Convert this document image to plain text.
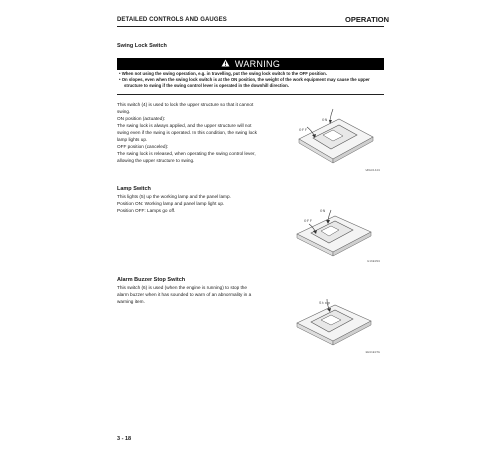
DETAILED CONTROLS AND GAUGES	OPERATION
Swing Lock Switch
WARNING
• When not using the swing operation, e.g. in travelling, put the swing lock switch to the OFF position.
• On slopes, even when the swing lock switch is at the ON position, the weight of the work equipment may cause the upper
structure to swing if the swing control lever is operated in the downhill direction.
This switch (4) is used to lock the upper structure so that it cannot
swing.
ON position (actuated):
The swing lock is always applied, and the upper structure will not
swing even if the swing is operated. In this condition, the swing lock
lamp lights up.
OFF position (canceled):
The swing lock is released, when operating the swing control lever,
allowing the upper structure to swing.
ON
OFF
WKE01420
Lamp Switch
This lights (5) up the working lamp and the panel lamp.
Position ON: Working lamp and panel lamp light up.
Position OFF: Lamps go off.	ON
OFF
E16E0S0
Alarm Buzzer Stop Switch
This switch (6) is used (when the engine is running) to stop the
alarm buzzer when it has sounded to warn of an abnormality in a
warning item.	Stop
EE01E07E
3 - 18
